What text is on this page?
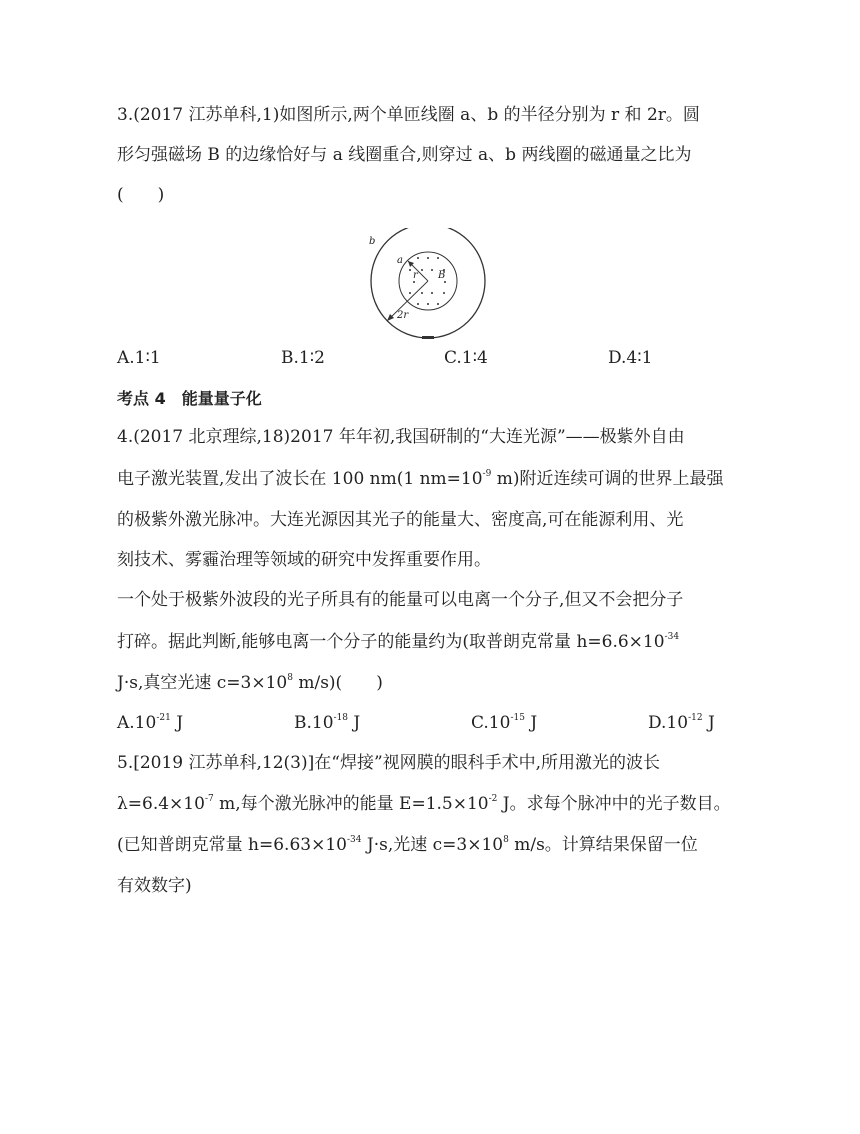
3.(2017 江苏单科,1)如图所示,两个单匝线圈 a、b 的半径分别为 r 和 2r。圆
形匀强磁场 B 的边缘恰好与 a 线圈重合,则穿过 a、b 两线圈的磁通量之比为
(　　)
b
a
r B
2r
A.1∶1	B.1∶2	C.1∶4	D.4∶1
考点 4 能量量子化
4.(2017 北京理综,18)2017 年年初,我国研制的“大连光源”——极紫外自由
电子激光装置,发出了波长在 100 nm(1 $nm=10^{-9}$ m)附近连续可调的世界上最强
的极紫外激光脉冲。大连光源因其光子的能量大、密度高,可在能源利用、光
刻技术、雾霾治理等领域的研究中发挥重要作用。
一个处于极紫外波段的光子所具有的能量可以电离一个分子,但又不会把分子
打碎。据此判断,能够电离一个分子的能量约为(取普朗克常量 $h=6.6\times 10^{-34}$
J·s,真空光速 $c=3\times 10^8$ m/s)(　　)
$A.10^{-21}$ J	$B.10^{-18}$ J	$C.10^{-15}$ J	$D.10^{-12}$ J
5.[2019 江苏单科,12(3)]在“焊接”视网膜的眼科手术中,所用激光的波长
$\lambda=6.4\times 10^{-7}$ m,每个激光脉冲的能量 $E=1.5\times 10^{-2}$ J。求每个脉冲中的光子数目。
(已知普朗克常量 $h=6.63\times 10^{-34}$ J·s,光速 $c=3\times 10^8$ m/s。计算结果保留一位
有效数字)
